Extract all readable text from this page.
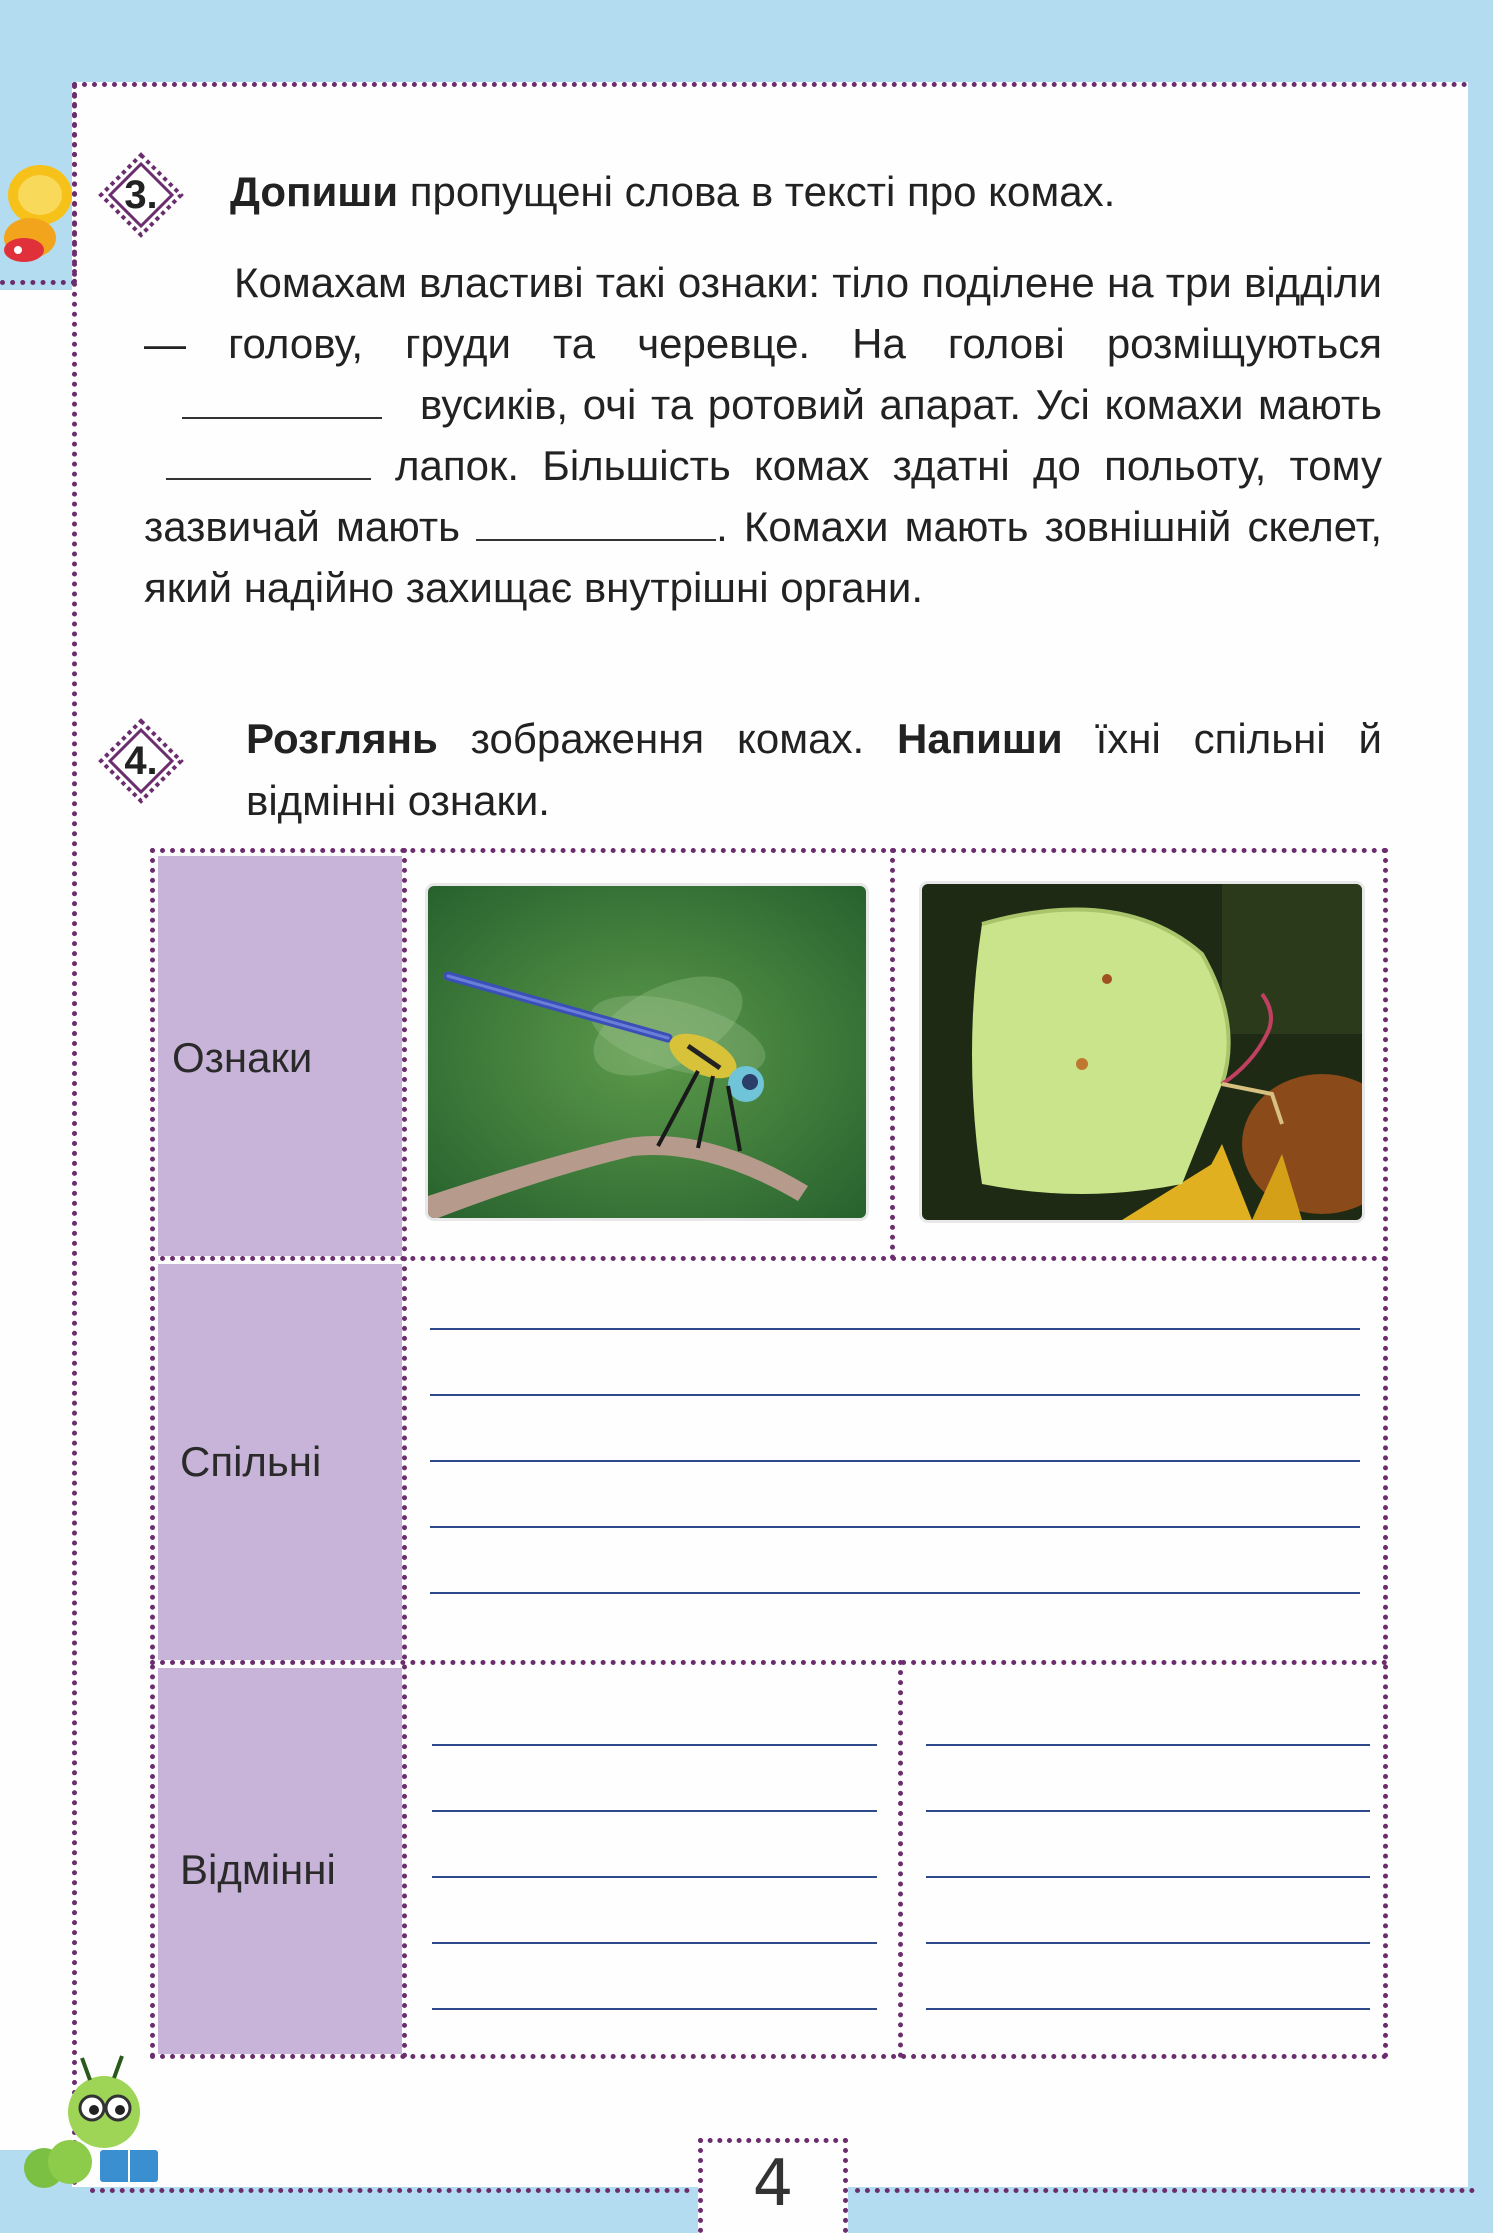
3.	Допиши пропущені слова в тексті про комах.
Комахам властиві такі ознаки: тіло поділене на три відділи — голову, груди та черевце. На голові розміщуються вусиків, очі та ротовий апарат. Усі комахи мають лапок. Більшість комах здатні до польоту, тому зазвичай мають	. Комахи мають зовнішній скелет, який надійно захищає внутрішні органи.
4.	Розглянь зображення комах. Напиши їхні спільні й відмінні ознаки.
Ознаки
Спільні
Відмінні
4
